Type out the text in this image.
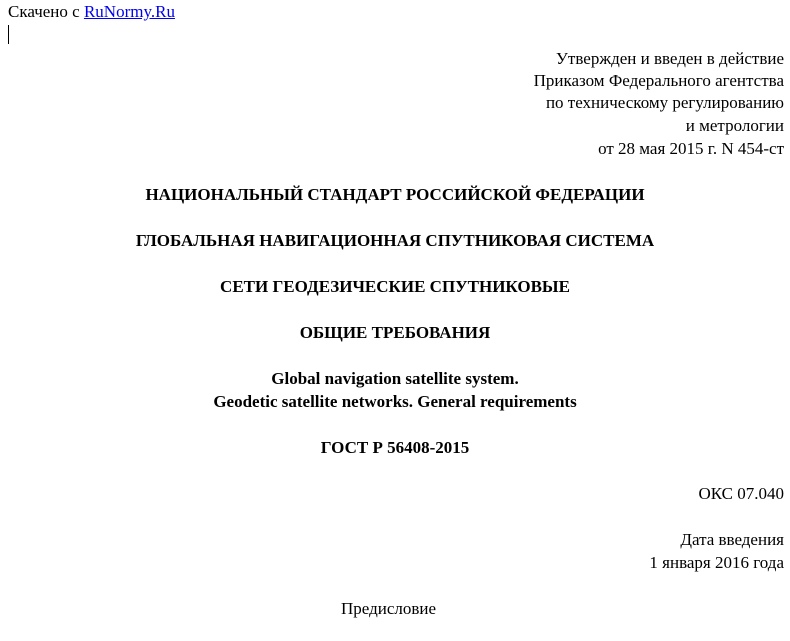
Скачено с RuNormy.Ru
Утвержден и введен в действие
Приказом Федерального агентства
по техническому регулированию
и метрологии
от 28 мая 2015 г. N 454-ст
НАЦИОНАЛЬНЫЙ СТАНДАРТ РОССИЙСКОЙ ФЕДЕРАЦИИ
ГЛОБАЛЬНАЯ НАВИГАЦИОННАЯ СПУТНИКОВАЯ СИСТЕМА
СЕТИ ГЕОДЕЗИЧЕСКИЕ СПУТНИКОВЫЕ
ОБЩИЕ ТРЕБОВАНИЯ
Global navigation satellite system.
Geodetic satellite networks. General requirements
ГОСТ Р 56408-2015
ОКС 07.040
Дата введения
1 января 2016 года
Предисловие
